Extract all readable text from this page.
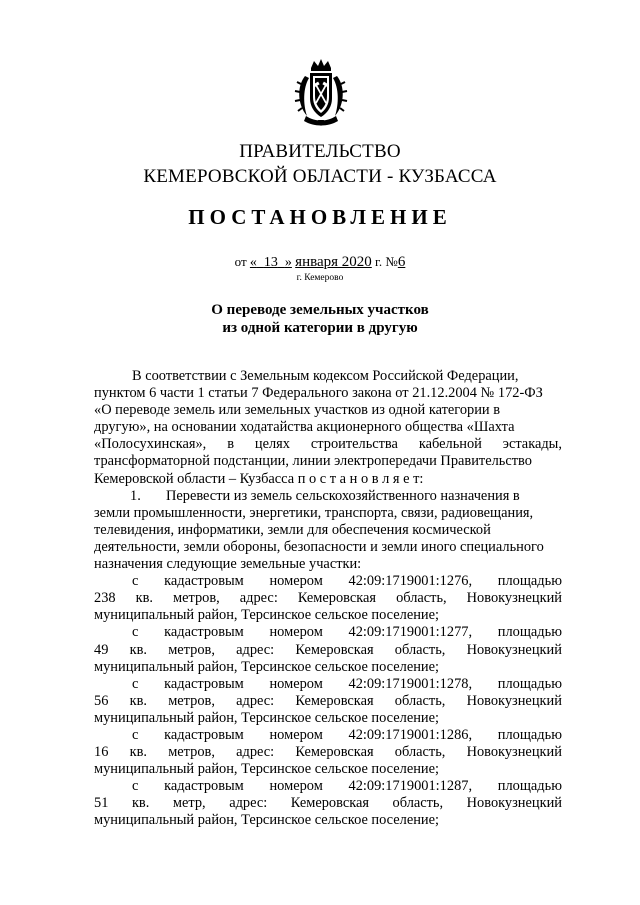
ПРАВИТЕЛЬСТВО
КЕМЕРОВСКОЙ ОБЛАСТИ - КУЗБАССА
ПОСТАНОВЛЕНИЕ
от « 13 » января 2020 г. №6
г. Кемерово
О переводе земельных участков
из одной категории в другую

В соответствии с Земельным кодексом Российской Федерации,

пунктом 6 части 1 статьи 7 Федерального закона от 21.12.2004 № 172-ФЗ

«О переводе земель или земельных участков из одной категории в

другую», на основании ходатайства акционерного общества «Шахта

«Полосухинская», в целях строительства кабельной эстакады,

трансформаторной подстанции, линии электропередачи Правительство

Кемеровской области – Кузбасса п о с т а н о в л я е т:

1. Перевести из земель сельскохозяйственного назначения в

земли промышленности, энергетики, транспорта, связи, радиовещания,

телевидения, информатики, земли для обеспечения космической

деятельности, земли обороны, безопасности и земли иного специального

назначения следующие земельные участки:

с кадастровым номером 42:09:1719001:1276, площадью

238 кв. метров, адрес: Кемеровская область, Новокузнецкий

муниципальный район, Терсинское сельское поселение;

с кадастровым номером 42:09:1719001:1277, площадью

49 кв. метров, адрес: Кемеровская область, Новокузнецкий

муниципальный район, Терсинское сельское поселение;

с кадастровым номером 42:09:1719001:1278, площадью

56 кв. метров, адрес: Кемеровская область, Новокузнецкий

муниципальный район, Терсинское сельское поселение;

с кадастровым номером 42:09:1719001:1286, площадью

16 кв. метров, адрес: Кемеровская область, Новокузнецкий

муниципальный район, Терсинское сельское поселение;

с кадастровым номером 42:09:1719001:1287, площадью

51 кв. метр, адрес: Кемеровская область, Новокузнецкий

муниципальный район, Терсинское сельское поселение;
